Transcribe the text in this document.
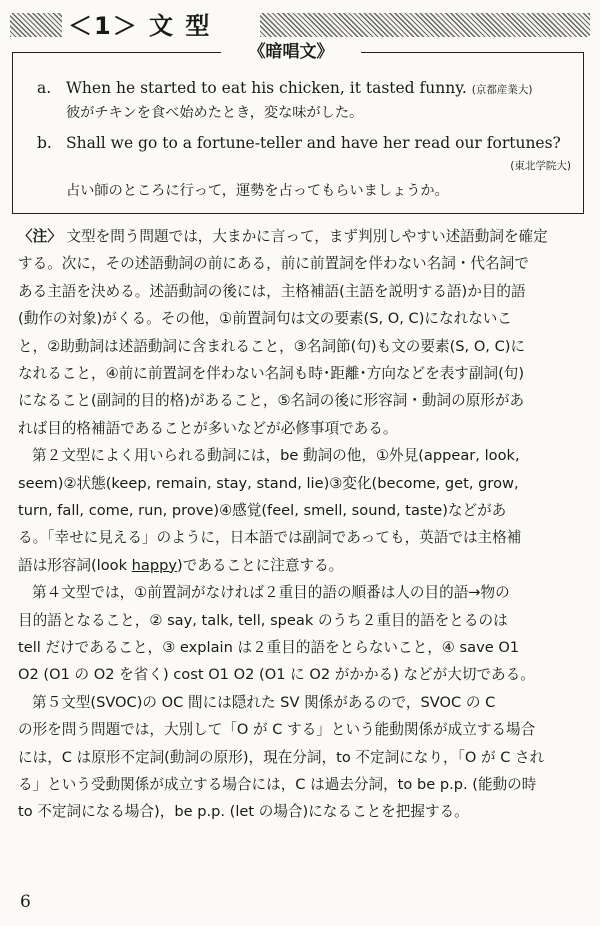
＜1＞ 文 型
《暗唱文》
a. When he started to eat his chicken, it tasted funny. (京都産業大)
彼がチキンを食べ始めたとき，変な味がした。
b. Shall we go to a fortune-teller and have her read our fortunes?
(東北学院大)
占い師のところに行って，運勢を占ってもらいましょうか。
〈注〉 文型を問う問題では，大まかに言って，まず判別しやすい述語動詞を確定
する。次に，その述語動詞の前にある，前に前置詞を伴わない名詞・代名詞で
ある主語を決める。述語動詞の後には，主格補語(主語を説明する語)か目的語
(動作の対象)がくる。その他，①前置詞句は文の要素(S, O, C)になれないこ
と，②助動詞は述語動詞に含まれること，③名詞節(句)も文の要素(S, O, C)に
なれること，④前に前置詞を伴わない名詞も時･距離･方向などを表す副詞(句)
になること(副詞的目的格)があること，⑤名詞の後に形容詞・動詞の原形があ
れば目的格補語であることが多いなどが必修事項である。
第２文型によく用いられる動詞には，be 動詞の他，①外見(appear, look,
seem)②状態(keep, remain, stay, stand, lie)③変化(become, get, grow,
turn, fall, come, run, prove)④感覚(feel, smell, sound, taste)などがあ
る。「幸せに見える」のように，日本語では副詞であっても，英語では主格補
語は形容詞(look happy)であることに注意する。
第４文型では，①前置詞がなければ２重目的語の順番は人の目的語→物の
目的語となること，② say, talk, tell, speak のうち２重目的語をとるのは
tell だけであること，③ explain は２重目的語をとらないこと，④ save O1
O2 (O1 の O2 を省く) cost O1 O2 (O1 に O2 がかかる) などが大切である。
第５文型(SVOC)の OC 間には隠れた SV 関係があるので，SVOC の C
の形を問う問題では，大別して「O が C する」という能動関係が成立する場合
には，C は原形不定詞(動詞の原形)，現在分詞，to 不定詞になり，「O が C され
る」という受動関係が成立する場合には，C は過去分詞，to be p.p. (能動の時
to 不定詞になる場合)，be p.p. (let の場合)になることを把握する。
6
